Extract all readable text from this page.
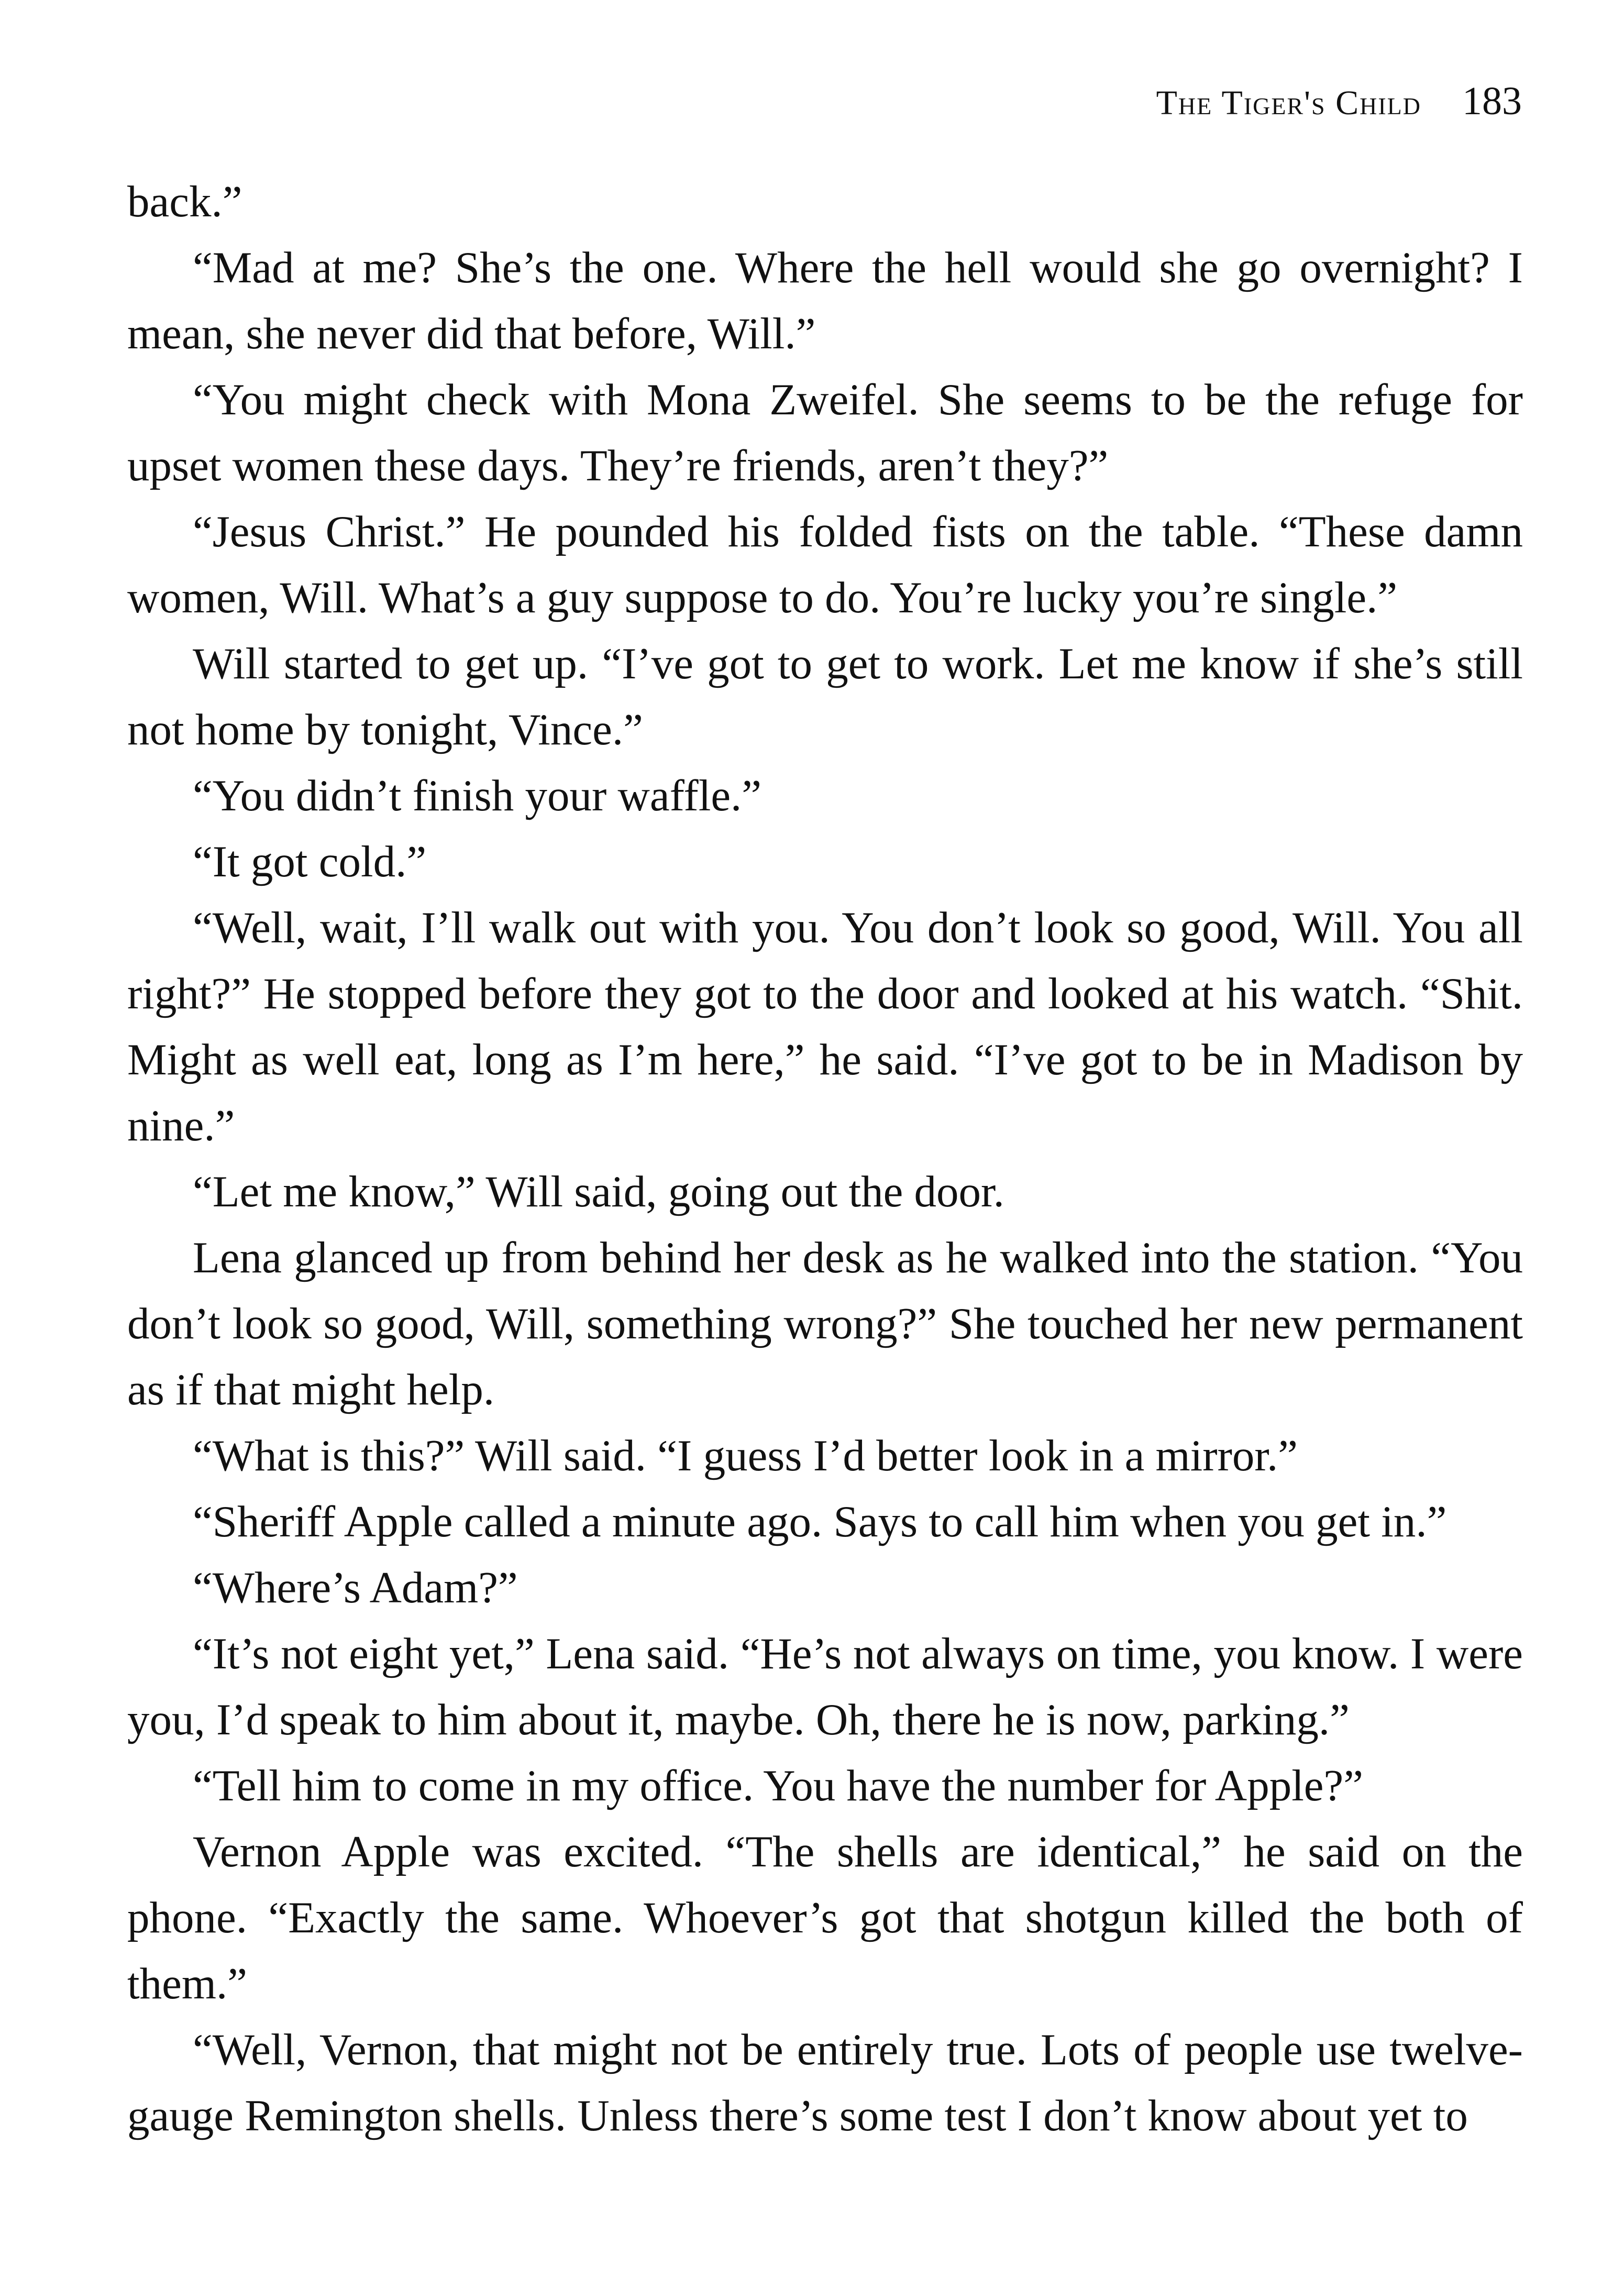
The Tiger's Child 183

back.”

“Mad at me? She’s the one. Where the hell would she go overnight? I mean, she never did that before, Will.”

“You might check with Mona Zweifel. She seems to be the refuge for upset women these days. They’re friends, aren’t they?”

“Jesus Christ.” He pounded his folded fists on the table. “These damn women, Will. What’s a guy suppose to do. You’re lucky you’re single.”

Will started to get up. “I’ve got to get to work. Let me know if she’s still not home by tonight, Vince.”

“You didn’t finish your waffle.”

“It got cold.”

“Well, wait, I’ll walk out with you. You don’t look so good, Will. You all right?” He stopped before they got to the door and looked at his watch. “Shit. Might as well eat, long as I’m here,” he said. “I’ve got to be in Madison by nine.”

“Let me know,” Will said, going out the door.

Lena glanced up from behind her desk as he walked into the station. “You don’t look so good, Will, something wrong?” She touched her new permanent as if that might help.

“What is this?” Will said. “I guess I’d better look in a mirror.”

“Sheriff Apple called a minute ago. Says to call him when you get in.”

“Where’s Adam?”

“It’s not eight yet,” Lena said. “He’s not always on time, you know. I were you, I’d speak to him about it, maybe. Oh, there he is now, parking.”

“Tell him to come in my office. You have the number for Apple?”

Vernon Apple was excited. “The shells are identical,” he said on the phone. “Exactly the same. Whoever’s got that shotgun killed the both of them.”

“Well, Vernon, that might not be entirely true. Lots of people use twelve-gauge Remington shells. Unless there’s some test I don’t know about yet to
